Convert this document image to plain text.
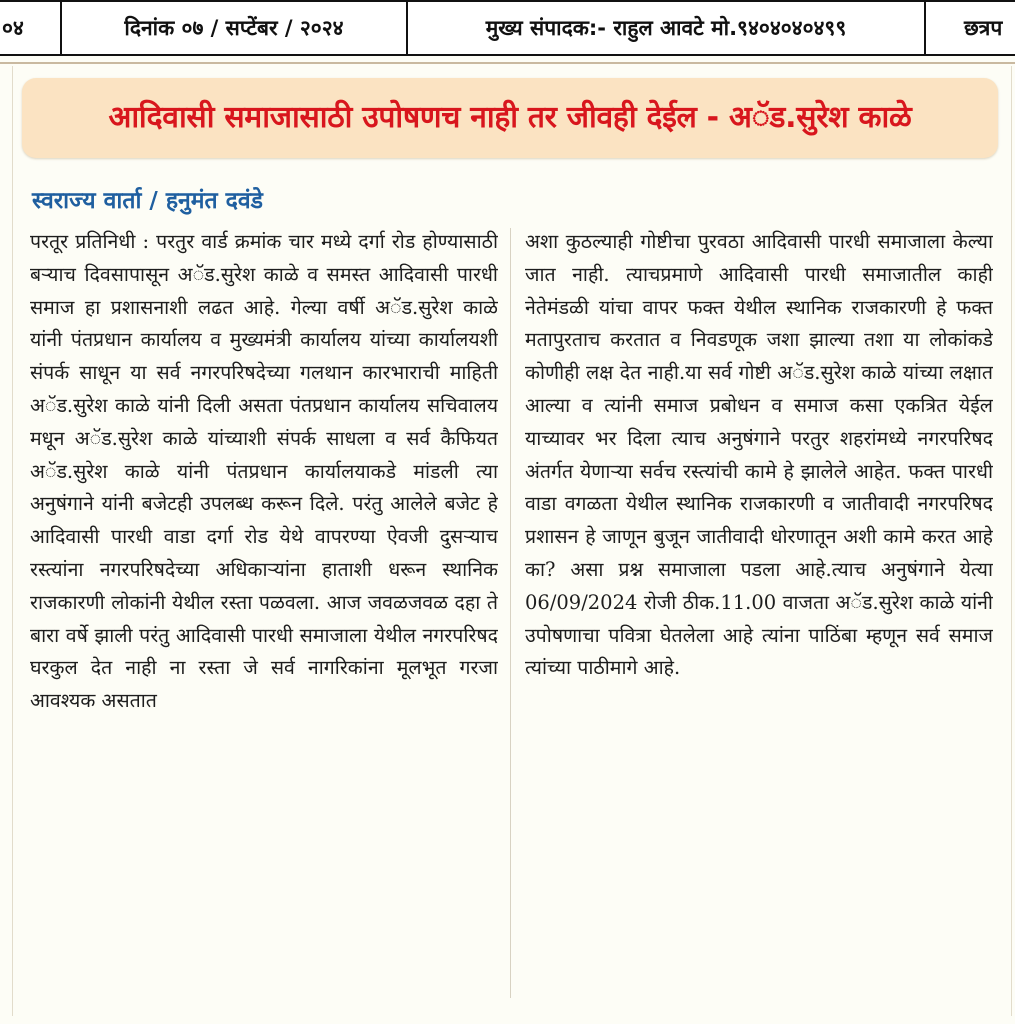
०४	दिनांक ०७ / सप्टेंबर / २०२४	मुख्य संपादक:- राहुल आवटे मो.९४०४०४०४९९	छत्रप
आदिवासी समाजासाठी उपोषणच नाही तर जीवही देईल - अॅड.सुरेश काळे
स्वराज्य वार्ता / हनुमंत दवंडे

परतूर प्रतिनिधी : परतुर वार्ड क्रमांक चार मध्ये दर्गा रोड होण्यासाठी बऱ्याच दिवसापासून अॅड.सुरेश काळे व समस्त आदिवासी पारधी समाज हा प्रशासनाशी लढत आहे. गेल्या वर्षी अॅड.सुरेश काळे यांनी पंतप्रधान कार्यालय व मुख्यमंत्री कार्यालय यांच्या कार्यालयशी संपर्क साधून या सर्व नगरपरिषदेच्या गलथान कारभाराची माहिती अॅड.सुरेश काळे यांनी दिली असता पंतप्रधान कार्यालय सचिवालय मधून अॅड.सुरेश काळे यांच्याशी संपर्क साधला व सर्व कैफियत अॅड.सुरेश काळे यांनी पंतप्रधान कार्यालयाकडे मांडली त्या अनुषंगाने यांनी बजेटही उपलब्ध करून दिले. परंतु आलेले बजेट हे आदिवासी पारधी वाडा दर्गा रोड येथे वापरण्या ऐवजी दुसऱ्याच रस्त्यांना नगरपरिषदेच्या अधिकाऱ्यांना हाताशी धरून स्थानिक राजकारणी लोकांनी येथील रस्ता पळवला. आज जवळजवळ दहा ते बारा वर्षे झाली परंतु आदिवासी पारधी समाजाला येथील नगरपरिषद घरकुल देत नाही ना रस्ता जे सर्व नागरिकांना मूलभूत गरजा आवश्यक असतात

अशा कुठल्याही गोष्टीचा पुरवठा आदिवासी पारधी समाजाला केल्या जात नाही. त्याचप्रमाणे आदिवासी पारधी समाजातील काही नेतेमंडळी यांचा वापर फक्त येथील स्थानिक राजकारणी हे फक्त मतापुरताच करतात व निवडणूक जशा झाल्या तशा या लोकांकडे कोणीही लक्ष देत नाही.या सर्व गोष्टी अॅड.सुरेश काळे यांच्या लक्षात आल्या व त्यांनी समाज प्रबोधन व समाज कसा एकत्रित येईल याच्यावर भर दिला त्याच अनुषंगाने परतुर शहरांमध्ये नगरपरिषद अंतर्गत येणाऱ्या सर्वच रस्त्यांची कामे हे झालेले आहेत. फक्त पारधी वाडा वगळता येथील स्थानिक राजकारणी व जातीवादी नगरपरिषद प्रशासन हे जाणून बुजून जातीवादी धोरणातून अशी कामे करत आहे का? असा प्रश्न समाजाला पडला आहे.त्याच अनुषंगाने येत्या 06/09/2024 रोजी ठीक.11.00 वाजता अॅड.सुरेश काळे यांनी उपोषणाचा पवित्रा घेतलेला आहे त्यांना पाठिंबा म्हणून सर्व समाज त्यांच्या पाठीमागे आहे.
